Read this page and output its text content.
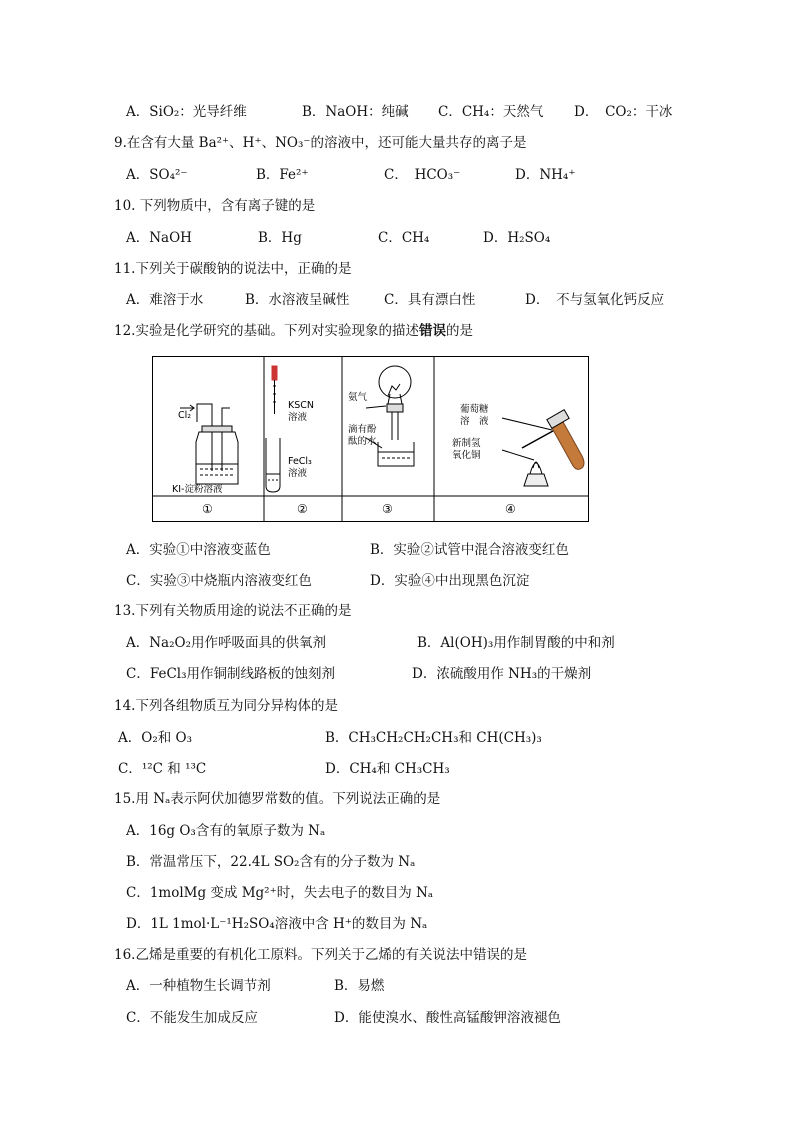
A．SiO₂：光导纤维	B．NaOH：纯碱 C．CH₄：天然气 D．　CO₂：干冰
9.在含有大量 Ba²⁺、H⁺、NO₃⁻的溶液中，还可能大量共存的离子是
A．SO₄²⁻	B．Fe²⁺	C．　HCO₃⁻	D．NH₄⁺
10. 下列物质中，含有离子键的是
A．NaOH	B．Hg	C．CH₄	D．H₂SO₄
11.下列关于碳酸钠的说法中，正确的是
A．难溶于水	B．水溶液呈碱性	C．具有漂白性	D．　不与氢氧化钙反应
12.实验是化学研究的基础。下列对实验现象的描述错误的是
Cl₂
KI-淀粉溶液
KSCN
溶液
FeCl₃
溶液
氨气
滴有酚
酞的水
葡萄糖
溶　液
新制氢
氧化铜
①	②	③	④
A．实验①中溶液变蓝色	B．实验②试管中混合溶液变红色
C．实验③中烧瓶内溶液变红色	D．实验④中出现黑色沉淀
13.下列有关物质用途的说法不正确的是
A．Na₂O₂用作呼吸面具的供氧剂	B．Al(OH)₃用作制胃酸的中和剂
C．FeCl₃用作铜制线路板的蚀刻剂	D．浓硫酸用作 NH₃的干燥剂
14.下列各组物质互为同分异构体的是
A．O₂和 O₃	B．CH₃CH₂CH₂CH₃和 CH(CH₃)₃
C．¹²C 和 ¹³C	D．CH₄和 CH₃CH₃
15.用 Nₐ表示阿伏加德罗常数的值。下列说法正确的是
A．16g O₃含有的氧原子数为 Nₐ
B．常温常压下，22.4L SO₂含有的分子数为 Nₐ
C．1molMg 变成 Mg²⁺时，失去电子的数目为 Nₐ
D．1L 1mol·L⁻¹H₂SO₄溶液中含 H⁺的数目为 Nₐ
16.乙烯是重要的有机化工原料。下列关于乙烯的有关说法中错误的是
A．一种植物生长调节剂	B．易燃
C．不能发生加成反应	D．能使溴水、酸性高锰酸钾溶液褪色
